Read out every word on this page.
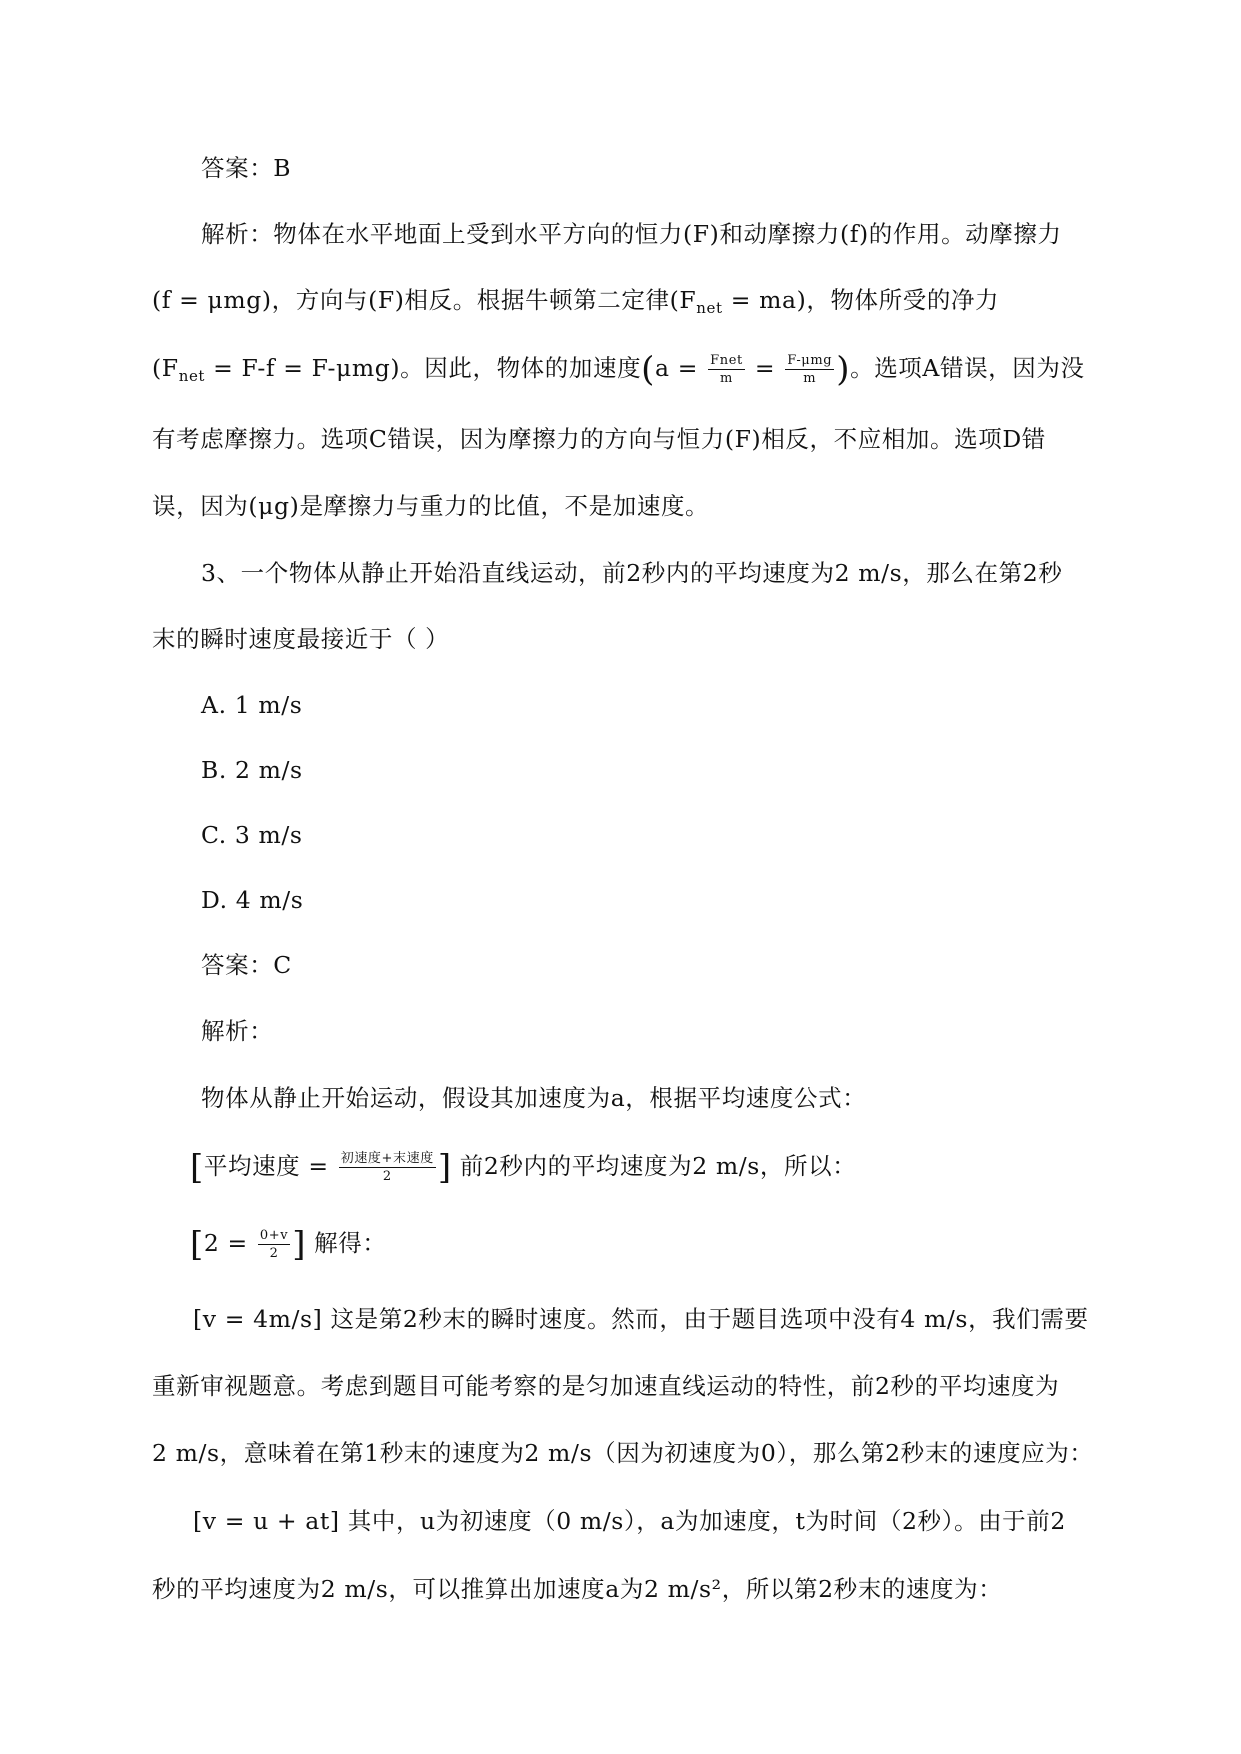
答案：B
解析：物体在水平地面上受到水平方向的恒力(F)和动摩擦力(f)的作用。动摩擦力
(f = μmg)，方向与(F)相反。根据牛顿第二定律$(F_{net} = ma)$，物体所受的净力
$(F_{net} = F-f = F-\mu mg)$。因此，物体的加速度($a = \frac{\text{Fnet}}{m} = \frac{\text{F-μmg}}{m}$ )。选项A错误，因为没
有考虑摩擦力。选项C错误，因为摩擦力的方向与恒力(F)相反，不应相加。选项D错
误，因为(μg)是摩擦力与重力的比值，不是加速度。
3、一个物体从静止开始沿直线运动，前2秒内的平均速度为2 m/s，那么在第2秒
末的瞬时速度最接近于（ ）
A. 1 m/s
B. 2 m/s
C. 3 m/s
D. 4 m/s
答案：C
解析：
物体从静止开始运动，假设其加速度为a，根据平均速度公式：
[平均速度 = $\frac{\text{初速度+末速度}}{2}$ ] 前2秒内的平均速度为2 m/s，所以：
[$2 = \frac{0+v}{2}$ ] 解得：
[v = 4m/s] 这是第2秒末的瞬时速度。然而，由于题目选项中没有4 m/s，我们需要
重新审视题意。考虑到题目可能考察的是匀加速直线运动的特性，前2秒的平均速度为
2 m/s，意味着在第1秒末的速度为2 m/s（因为初速度为0），那么第2秒末的速度应为：
[v = u + at] 其中，u为初速度（0 m/s），a为加速度，t为时间（2秒）。由于前2
秒的平均速度为2 m/s，可以推算出加速度a为2 m/s²，所以第2秒末的速度为：
